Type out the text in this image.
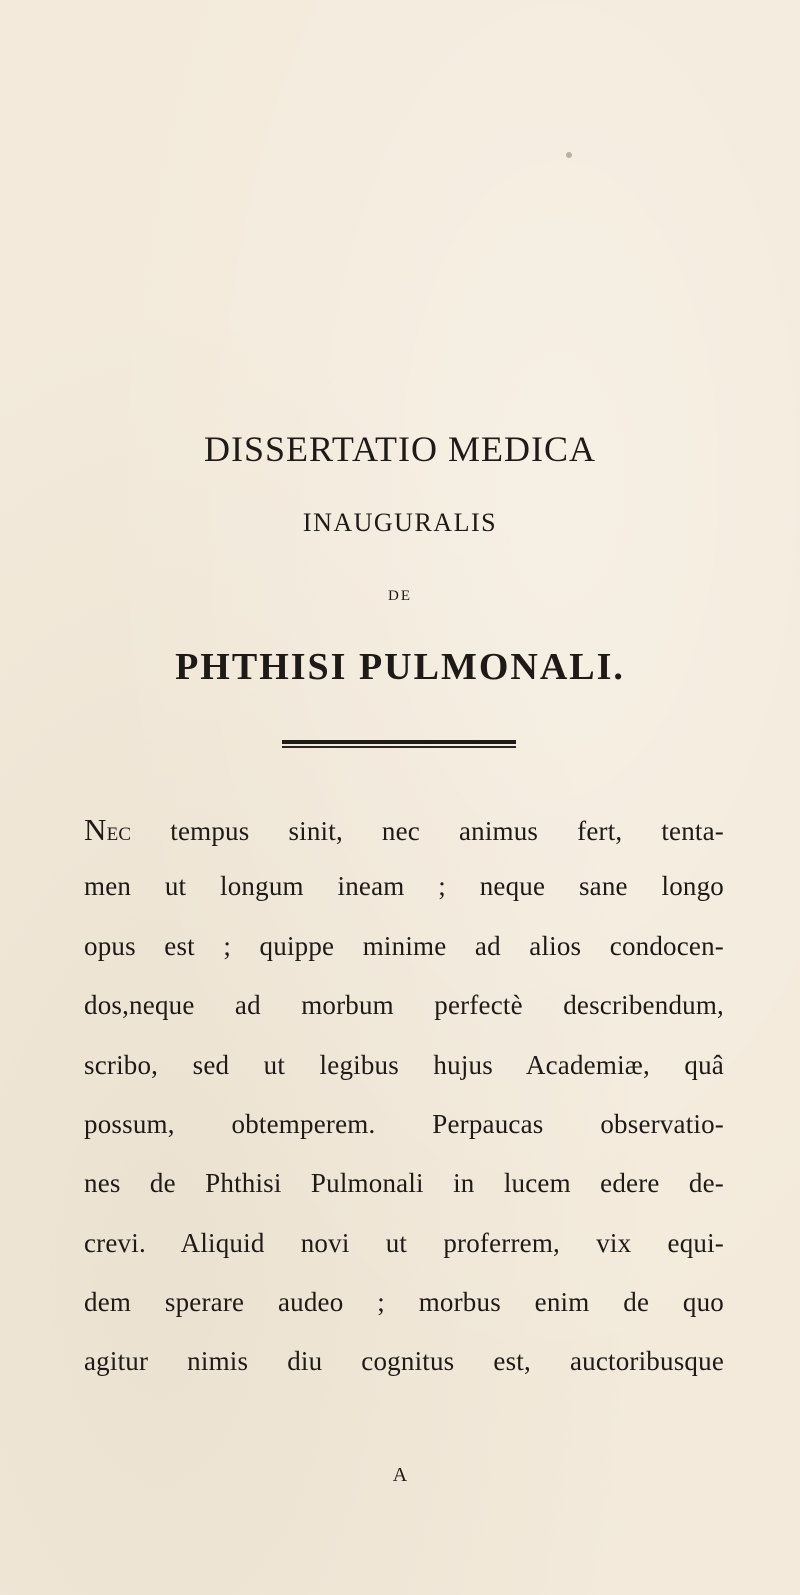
DISSERTATIO MEDICA
INAUGURALIS
DE
PHTHISI PULMONALI.
Nec tempus sinit, nec animus fert, tenta-
men ut longum ineam ; neque sane longo
opus est ; quippe minime ad alios condocen-
dos,neque ad morbum perfectè describendum,
scribo, sed ut legibus hujus Academiæ, quâ
possum, obtemperem. Perpaucas observatio-
nes de Phthisi Pulmonali in lucem edere de-
crevi. Aliquid novi ut proferrem, vix equi-
dem sperare audeo ; morbus enim de quo
agitur nimis diu cognitus est, auctoribusque
A
